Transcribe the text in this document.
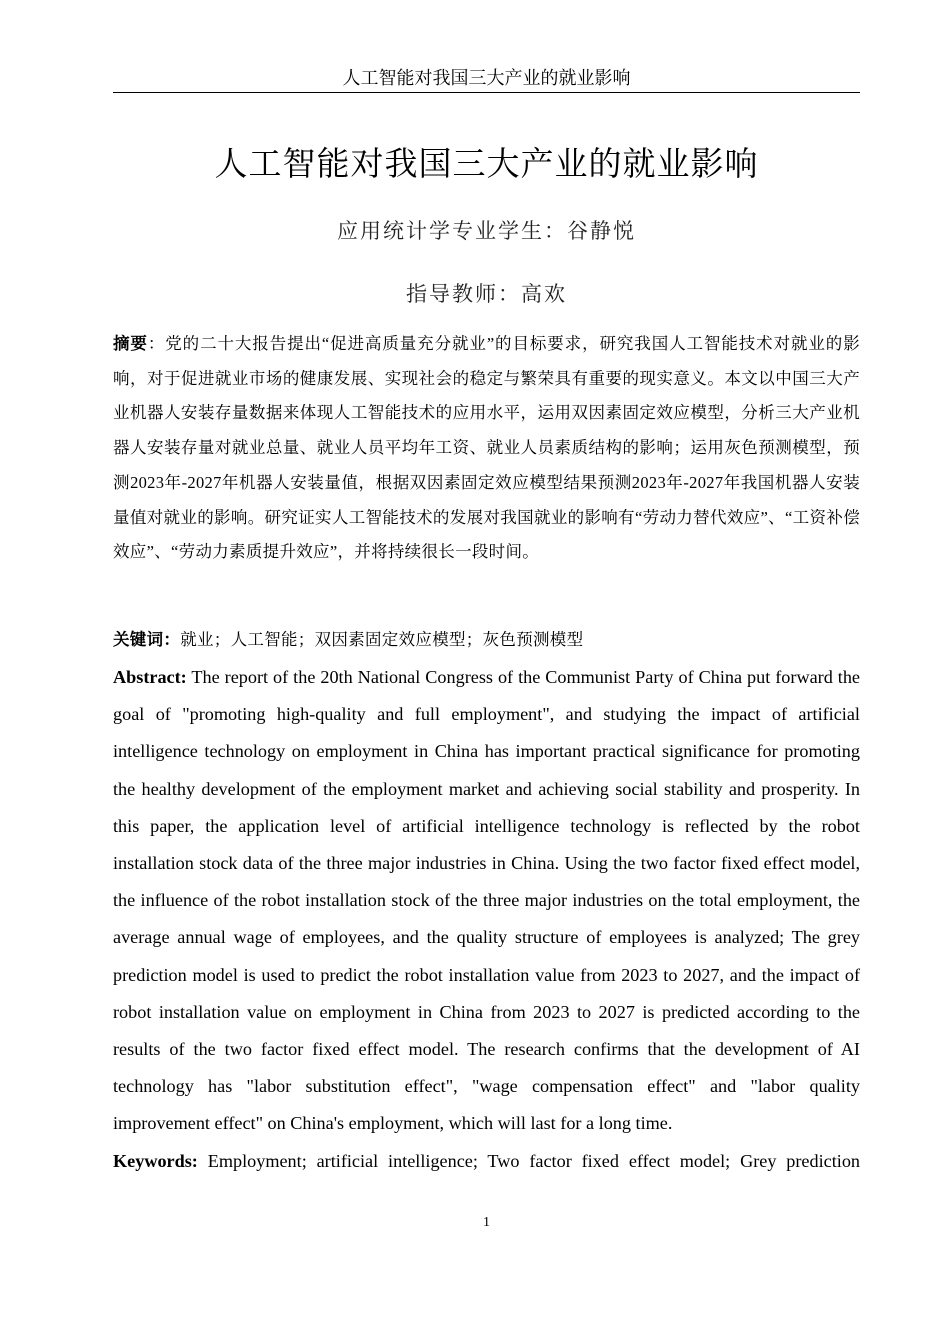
人工智能对我国三大产业的就业影响
人工智能对我国三大产业的就业影响
应用统计学专业学生：谷静悦
指导教师：高欢
摘要：党的二十大报告提出“促进高质量充分就业”的目标要求，研究我国人工智能技术对就业的影响，对于促进就业市场的健康发展、实现社会的稳定与繁荣具有重要的现实意义。本文以中国三大产业机器人安装存量数据来体现人工智能技术的应用水平，运用双因素固定效应模型，分析三大产业机器人安装存量对就业总量、就业人员平均年工资、就业人员素质结构的影响；运用灰色预测模型，预测2023年-2027年机器人安装量值，根据双因素固定效应模型结果预测2023年-2027年我国机器人安装量值对就业的影响。研究证实人工智能技术的发展对我国就业的影响有“劳动力替代效应”、“工资补偿效应”、“劳动力素质提升效应”，并将持续很长一段时间。
关键词：就业；人工智能；双因素固定效应模型；灰色预测模型
Abstract: The report of the 20th National Congress of the Communist Party of China put forward the goal of "promoting high-quality and full employment", and studying the impact of artificial intelligence technology on employment in China has important practical significance for promoting the healthy development of the employment market and achieving social stability and prosperity. In this paper, the application level of artificial intelligence technology is reflected by the robot installation stock data of the three major industries in China. Using the two factor fixed effect model, the influence of the robot installation stock of the three major industries on the total employment, the average annual wage of employees, and the quality structure of employees is analyzed; The grey prediction model is used to predict the robot installation value from 2023 to 2027, and the impact of robot installation value on employment in China from 2023 to 2027 is predicted according to the results of the two factor fixed effect model. The research confirms that the development of AI technology has "labor substitution effect", "wage compensation effect" and "labor quality improvement effect" on China's employment, which will last for a long time.
Keywords: Employment; artificial intelligence; Two factor fixed effect model; Grey prediction
1
